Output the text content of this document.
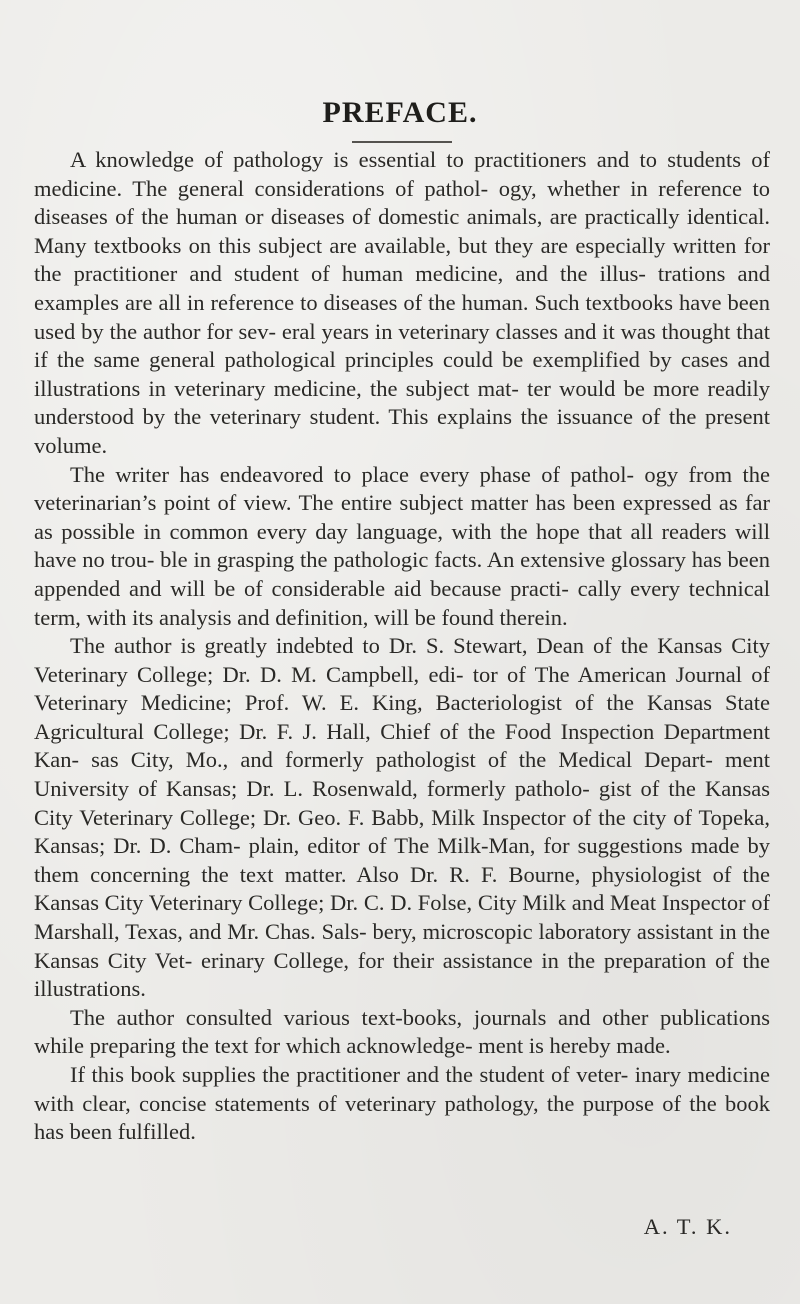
PREFACE.

A knowledge of pathology is essential to practitioners and to students of medicine. The general considerations of pathol- ogy, whether in reference to diseases of the human or diseases of domestic animals, are practically identical. Many textbooks on this subject are available, but they are especially written for the practitioner and student of human medicine, and the illus- trations and examples are all in reference to diseases of the human. Such textbooks have been used by the author for sev- eral years in veterinary classes and it was thought that if the same general pathological principles could be exemplified by cases and illustrations in veterinary medicine, the subject mat- ter would be more readily understood by the veterinary student. This explains the issuance of the present volume.

The writer has endeavored to place every phase of pathol- ogy from the veterinarian’s point of view. The entire subject matter has been expressed as far as possible in common every day language, with the hope that all readers will have no trou- ble in grasping the pathologic facts. An extensive glossary has been appended and will be of considerable aid because practi- cally every technical term, with its analysis and definition, will be found therein.

The author is greatly indebted to Dr. S. Stewart, Dean of the Kansas City Veterinary College; Dr. D. M. Campbell, edi- tor of The American Journal of Veterinary Medicine; Prof. W. E. King, Bacteriologist of the Kansas State Agricultural College; Dr. F. J. Hall, Chief of the Food Inspection Department Kan- sas City, Mo., and formerly pathologist of the Medical Depart- ment University of Kansas; Dr. L. Rosenwald, formerly patholo- gist of the Kansas City Veterinary College; Dr. Geo. F. Babb, Milk Inspector of the city of Topeka, Kansas; Dr. D. Cham- plain, editor of The Milk-Man, for suggestions made by them concerning the text matter. Also Dr. R. F. Bourne, physiologist of the Kansas City Veterinary College; Dr. C. D. Folse, City Milk and Meat Inspector of Marshall, Texas, and Mr. Chas. Sals- bery, microscopic laboratory assistant in the Kansas City Vet- erinary College, for their assistance in the preparation of the illustrations.

The author consulted various text-books, journals and other publications while preparing the text for which acknowledge- ment is hereby made.

If this book supplies the practitioner and the student of veter- inary medicine with clear, concise statements of veterinary pathology, the purpose of the book has been fulfilled.

A. T. K.
